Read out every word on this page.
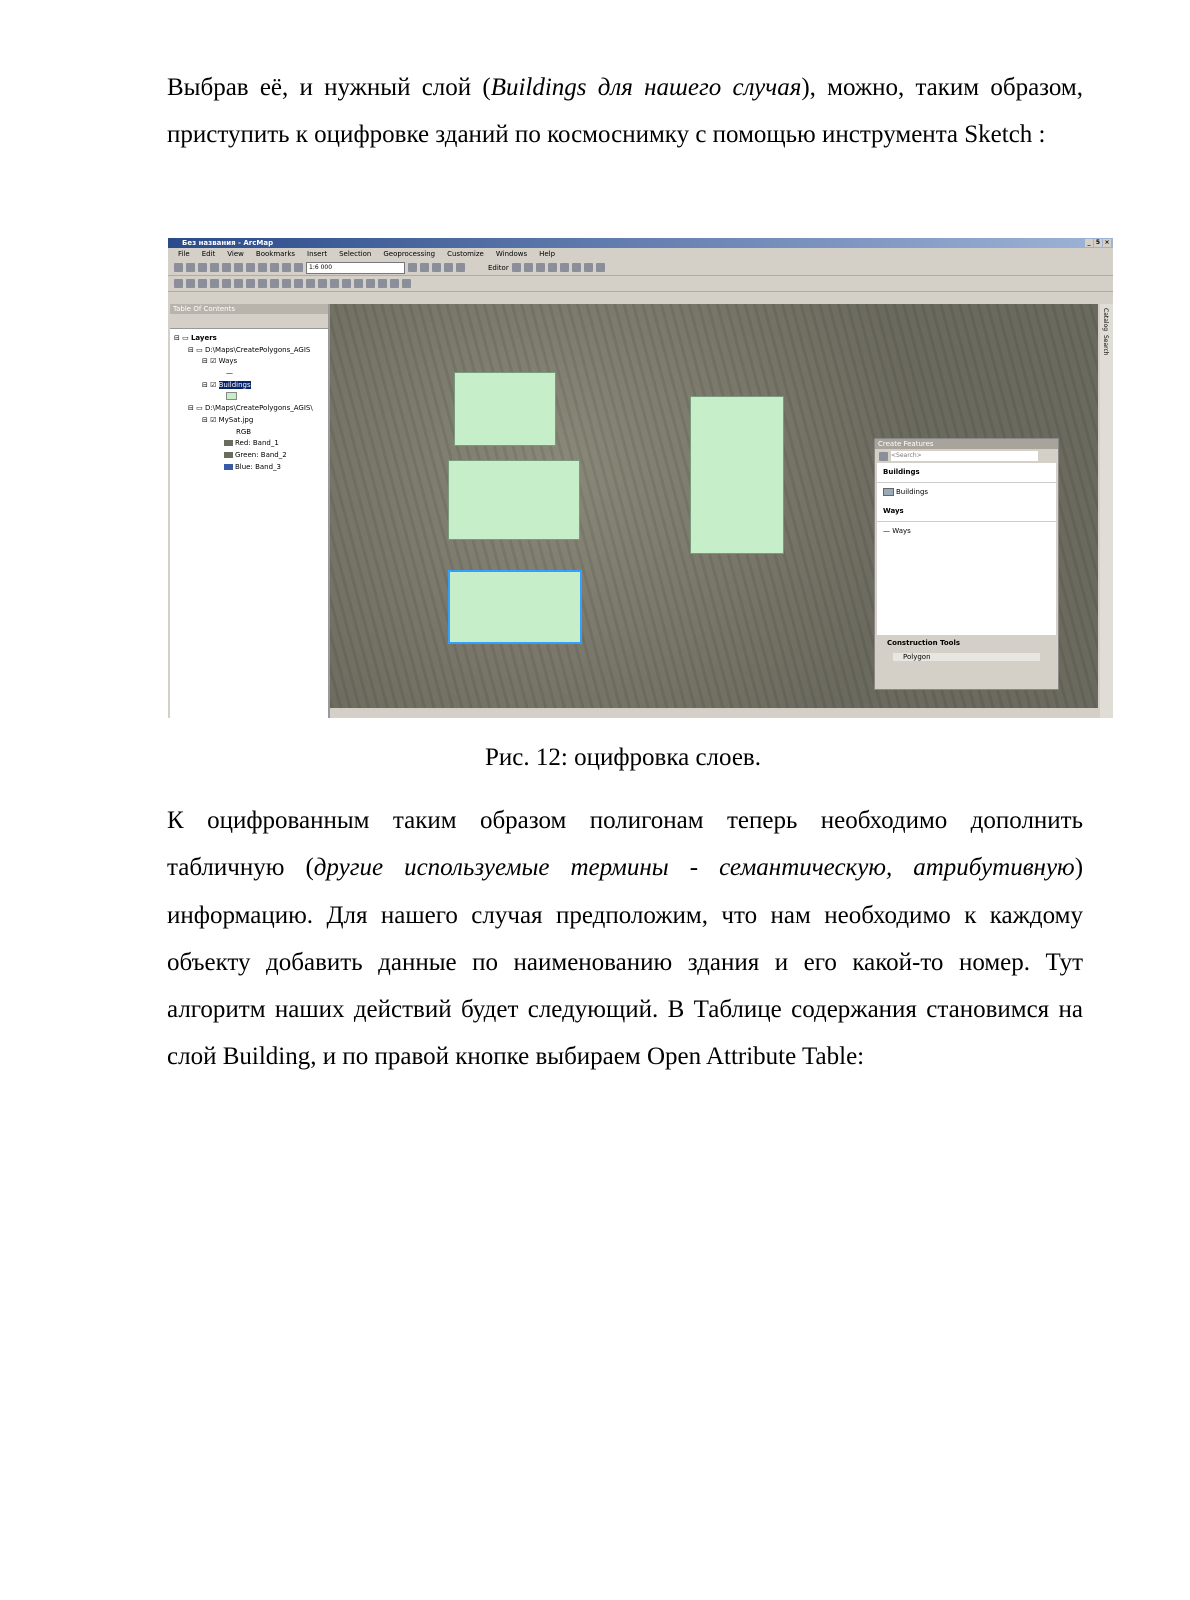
Выбрав её, и нужный слой (Buildings для нашего случая), можно, таким образом, приступить к оцифровке зданий по космоснимку с помощью инструмента Sketch :

Без названия - ArcMap	_ 5 ×
File Edit View Bookmarks Insert Selection Geoprocessing Customize Windows Help
1:6 000	Editor
Table Of Contents
⊟ ▭ Layers
⊟ ▭ D:\Maps\CreatePolygons_AGIS
⊟ ☑ Ways
—
⊟ ☑ Buildings
⊟ ▭ D:\Maps\CreatePolygons_AGIS\
⊟ ☑ MySat.jpg
RGB
Red: Band_1
Green: Band_2
Blue: Band_3
Create Features
<Search>
Buildings
Buildings
Ways
— Ways
Construction Tools
Polygon
Catalog
Search
Рис. 12: оцифровка слоев.

К оцифрованным таким образом полигонам теперь необходимо дополнить табличную (другие используемые термины - семантическую, атрибутивную) информацию. Для нашего случая предположим, что нам необходимо к каждому объекту добавить данные по наименованию здания и его какой-то номер. Тут алгоритм наших действий будет следующий. В Таблице содержания становимся на слой Building, и по правой кнопке выбираем Open Attribute Table:
